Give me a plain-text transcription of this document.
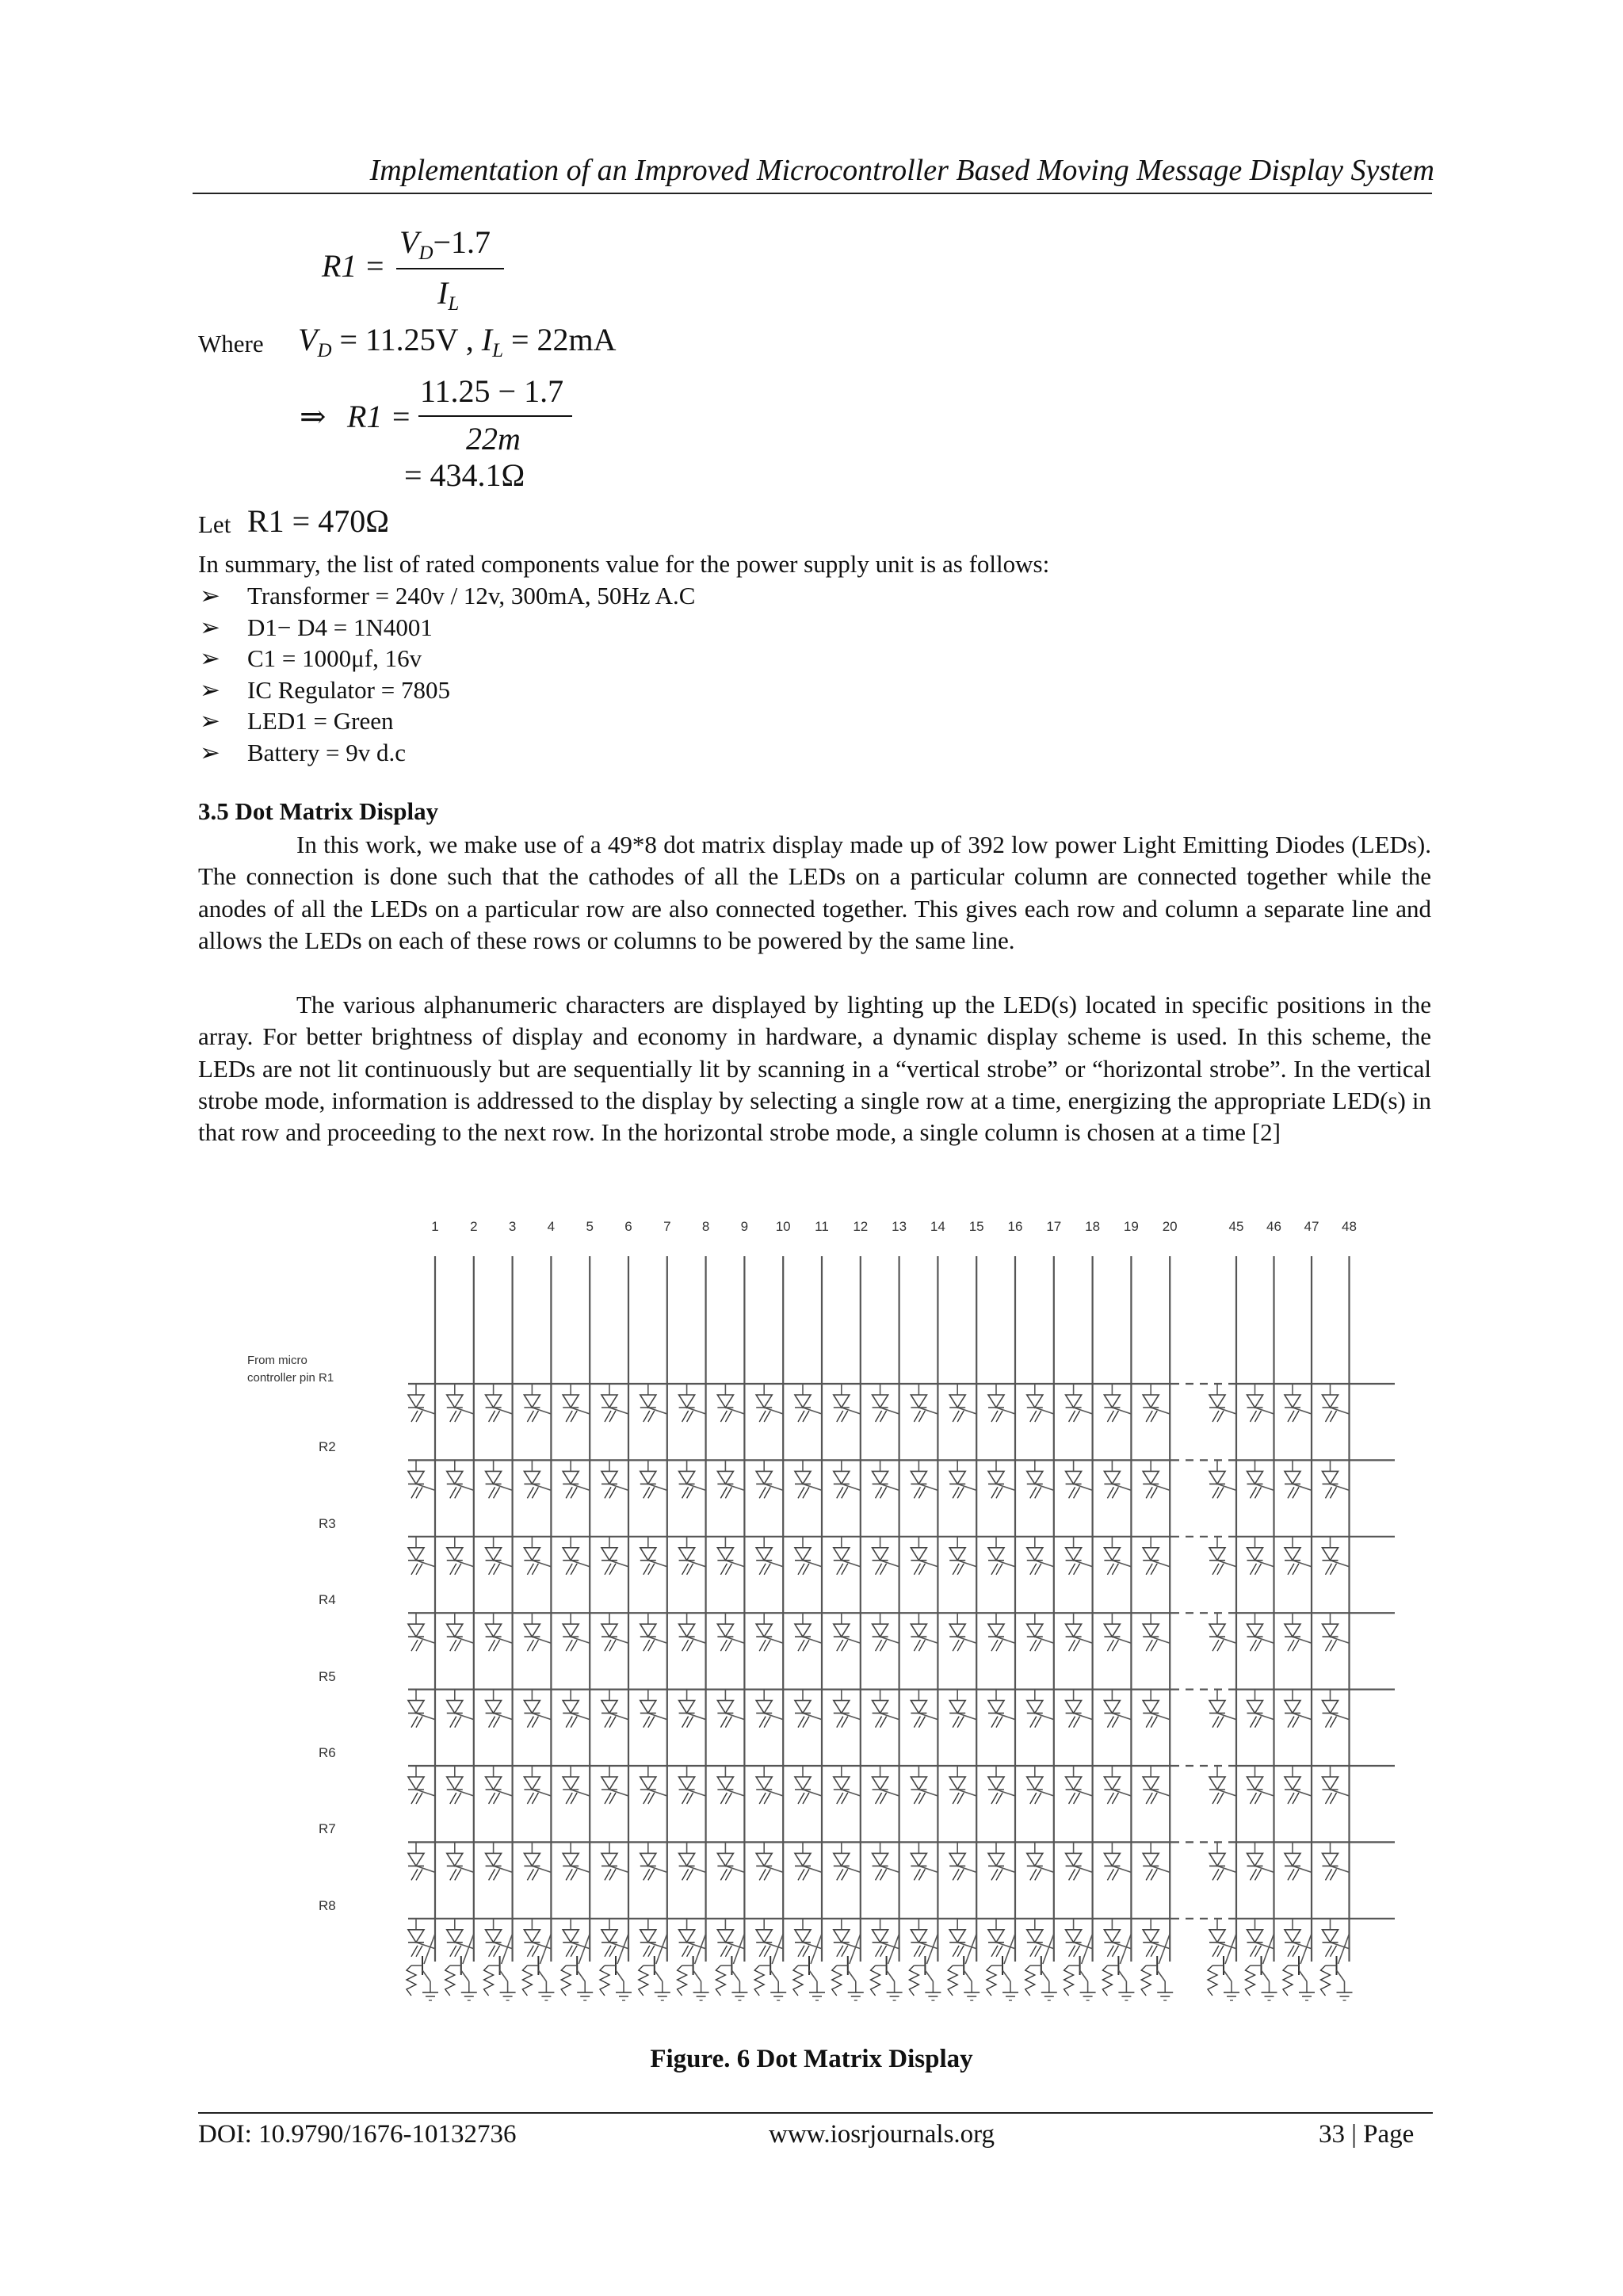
Implementation of an Improved Microcontroller Based Moving Message Display System
R1 =
$V_D-1.7$
$I_L$
Where $V_D = 11.25V$ , $I_L = 22mA$
⇒ R1 =
11.25 − 1.7
22m
= 434.1Ω
Let R1 = 470Ω
In summary, the list of rated components value for the power supply unit is as follows:
➢	Transformer = 240v / 12v, 300mA, 50Hz A.C
➢	D1− D4 = 1N4001
➢	C1 = 1000μf, 16v
➢	IC Regulator = 7805
➢	LED1 = Green
➢	Battery = 9v d.c
3.5 Dot Matrix Display
In this work, we make use of a 49*8 dot matrix display made up of 392 low power Light Emitting Diodes (LEDs). The connection is done such that the cathodes of all the LEDs on a particular column are connected together while the anodes of all the LEDs on a particular row are also connected together. This gives each row and column a separate line and allows the LEDs on each of these rows or columns to be powered by the same line.
The various alphanumeric characters are displayed by lighting up the LED(s) located in specific positions in the array. For better brightness of display and economy in hardware, a dynamic display scheme is used. In this scheme, the LEDs are not lit continuously but are sequentially lit by scanning in a “vertical strobe” or “horizontal strobe”. In the vertical strobe mode, information is addressed to the display by selecting a single row at a time, energizing the appropriate LED(s) in that row and proceeding to the next row. In the horizontal strobe mode, a single column is chosen at a time [2]
1	2	3	4	5	6	7	8	9	10	11	12	13	14	15	16	17	18	19	20	45	46	47	48
R2
R3
R4
R5
R6
R7
R8
From micro
controller pin R1
Figure. 6 Dot Matrix Display
DOI: 10.9790/1676-10132736	www.iosrjournals.org	33 | Page
